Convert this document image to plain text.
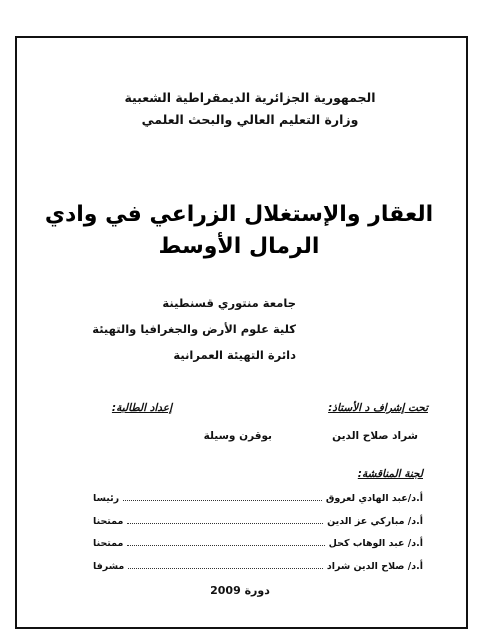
الجمهورية الجزائرية الديمقراطية الشعبية
وزارة التعليم العالي والبحث العلمي
العقار والإستغلال الزراعي في وادي
الرمال الأوسط
جامعة منتوري قسنطينة
كلية علوم الأرض والجغرافيا والتهيئة
دائرة التهيئة العمرانية
تحت إشراف د الأستاذ:
إعداد الطالبة:
شراد صلاح الدين
بوقرن وسيلة
لجنة المناقشة:
أ.د/عبد الهادي لعروق
رئيسا
أ.د/ مباركي عز الدين
ممتحنا
أ.د/ عبد الوهاب كحل
ممتحنا
أ.د/ صلاح الدين شراد
مشرفا
دورة 2009
